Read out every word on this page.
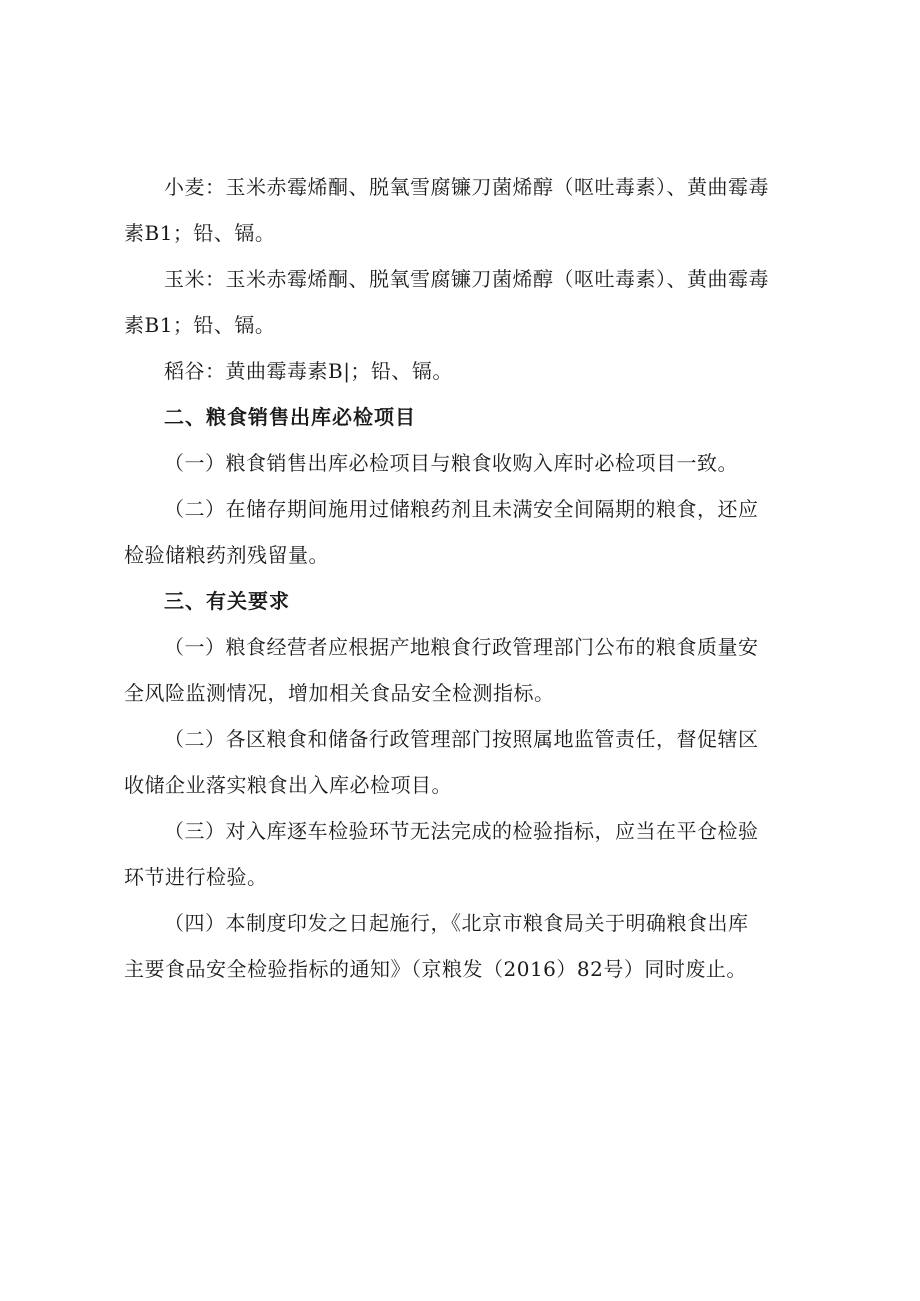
小麦：玉米赤霉烯酮、脱氧雪腐镰刀菌烯醇（呕吐毒素）、黄曲霉毒
素B1；铅、镉。

玉米：玉米赤霉烯酮、脱氧雪腐镰刀菌烯醇（呕吐毒素）、黄曲霉毒
素B1；铅、镉。

稻谷：黄曲霉毒素B|；铅、镉。

二、粮食销售出库必检项目

（一）粮食销售出库必检项目与粮食收购入库时必检项目一致。

（二）在储存期间施用过储粮药剂且未满安全间隔期的粮食，还应
检验储粮药剂残留量。

三、有关要求

（一）粮食经营者应根据产地粮食行政管理部门公布的粮食质量安
全风险监测情况，增加相关食品安全检测指标。

（二）各区粮食和储备行政管理部门按照属地监管责任，督促辖区
收储企业落实粮食出入库必检项目。

（三）对入库逐车检验环节无法完成的检验指标，应当在平仓检验
环节进行检验。

（四）本制度印发之日起施行，《北京市粮食局关于明确粮食出库
主要食品安全检验指标的通知》（京粮发（2016）82号）同时废止。
